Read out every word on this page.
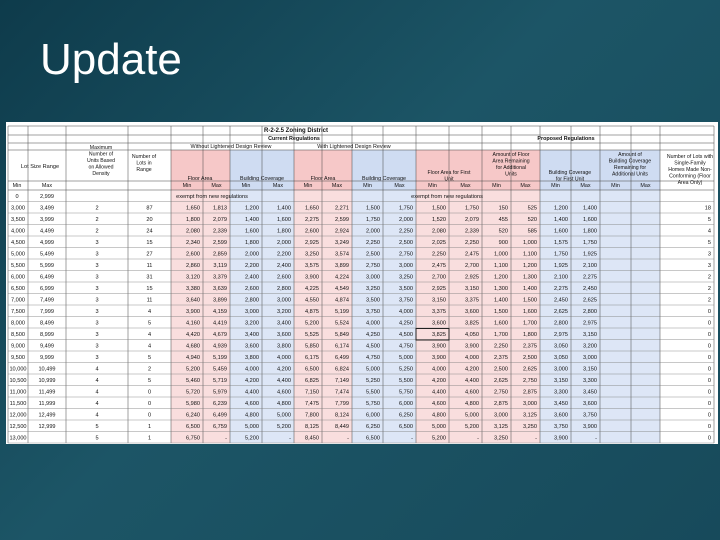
Update
R-2-2.5 Zoning District
Current Regulations	Proposed Regulations
Without Lightened Design Review	With Lightened Design Review
Lot Size Range
Maximum
Number of
Units Based
on Allowed
Density
Number of
Lots in
Range
Floor Area	Building Coverage	Floor Area	Building Coverage
Floor Area for First
Unit
Amount of Floor
Area Remaining
for Additional
Units	Building Coverage
for First Unit
Amount of
Building Coverage
Remaining for
Additional Units
Number of Lots with
Single-Family
Homes Made Non-
Conforming (Floor
Area Only)
Min	Max	Min	Max	Min	Max	Min	Max	Min	Max	Min	Max	Min	Max	Min	Max	Min	Max
0	2,999	exempt from new regulations	exempt from new regulations
3,000	3,499	2	87	1,650 1,813	1,200	1,400	1,650	2,271	1,500	1,750	1,500	1,750	150	525	1,200	1,400	18
3,500	3,999	2	20	1,800 2,079	1,400	1,600	2,275	2,599	1,750	2,000	1,520	2,079	455	520	1,400	1,600	5
4,000	4,499	2	24	2,080 2,339	1,600	1,800	2,600	2,924	2,000	2,250	2,080	2,339	520	585	1,600	1,800	4
4,500	4,999	3	15	2,340 2,599	1,800	2,000	2,925	3,249	2,250	2,500	2,025	2,250	900	1,000	1,575	1,750	5
5,000	5,499	3	27	2,600 2,859	2,000	2,200	3,250	3,574	2,500	2,750	2,250	2,475	1,000	1,100	1,750	1,925	3
5,500	5,999	3	11	2,860 3,119	2,200	2,400	3,575	3,899	2,750	3,000	2,475	2,700	1,100	1,200	1,925	2,100	3
6,000	6,499	3	31	3,120 3,379	2,400	2,600	3,900	4,224	3,000	3,250	2,700	2,925	1,200	1,300	2,100	2,275	2
6,500	6,999	3	15	3,380 3,639	2,600	2,800	4,225	4,549	3,250	3,500	2,925	3,150	1,300	1,400	2,275	2,450	2
7,000	7,499	3	11	3,640 3,899	2,800	3,000	4,550	4,874	3,500	3,750	3,150	3,375	1,400	1,500	2,450	2,625	2
7,500	7,999	3	4	3,900 4,159	3,000	3,200	4,875	5,199	3,750	4,000	3,375	3,600	1,500	1,600	2,625	2,800	0
8,000	8,499	3	5	4,160 4,419	3,200	3,400	5,200	5,524	4,000	4,250	3,600	3,825	1,600	1,700	2,800	2,975	0
8,500	8,999	3	4	4,420 4,679	3,400	3,600	5,525	5,849	4,250	4,500	3,825	4,050	1,700	1,800	2,975	3,150	0
9,000	9,499	3	4	4,680 4,939	3,600	3,800	5,850	6,174	4,500	4,750	3,900	3,900	2,250	2,375	3,050	3,200	0
9,500	9,999	3	5	4,940 5,199	3,800	4,000	6,175	6,499	4,750	5,000	3,900	4,000	2,375	2,500	3,050	3,000	0
10,000 10,499	4	2	5,200 5,459	4,000	4,200	6,500	6,824	5,000	5,250	4,000	4,200	2,500	2,625	3,000	3,150	0
10,500 10,999	4	5	5,460 5,719	4,200	4,400	6,825	7,149	5,250	5,500	4,200	4,400	2,625	2,750	3,150	3,300	0
11,000 11,499	4	0	5,720 5,979	4,400	4,600	7,150	7,474	5,500	5,750	4,400	4,600	2,750	2,875	3,300	3,450	0
11,500 11,999	4	0	5,980 6,239	4,600	4,800	7,475	7,799	5,750	6,000	4,600	4,800	2,875	3,000	3,450	3,600	0
12,000 12,499	4	0	6,240 6,499	4,800	5,000	7,800	8,124	6,000	6,250	4,800	5,000	3,000	3,125	3,600	3,750	0
12,500 12,999	5	1	6,500 6,759	5,000	5,200	8,125	8,449	6,250	6,500	5,000	5,200	3,125	3,250	3,750	3,900	0
13,000	5	1	6,750	-	5,200	-	8,450	-	6,500	-	5,200	-	3,250	-	3,900	-	0
